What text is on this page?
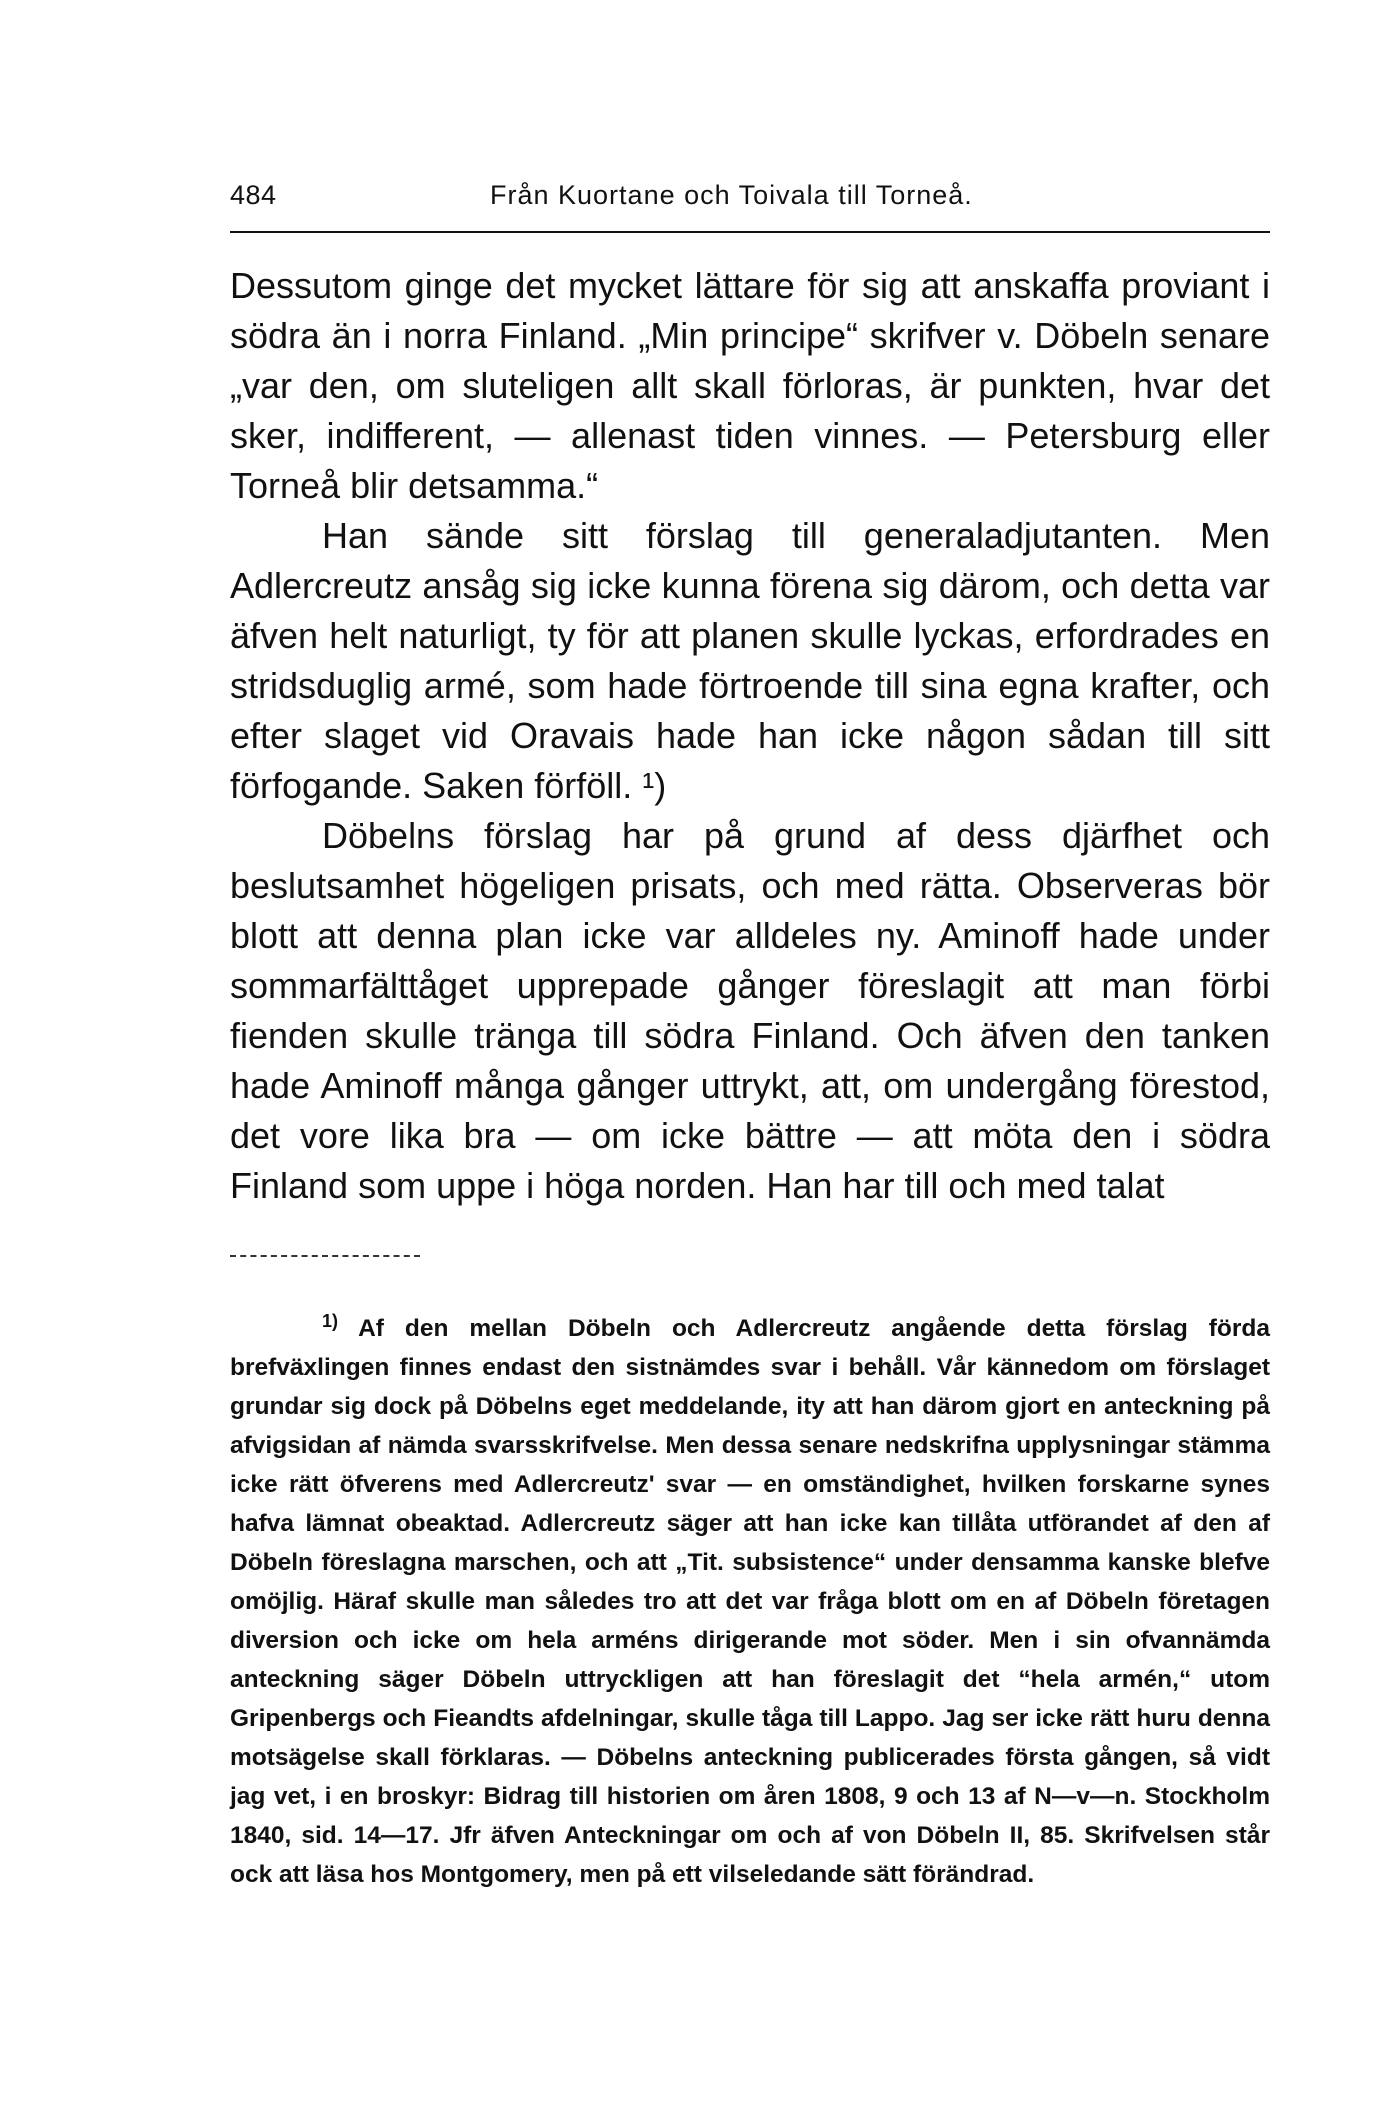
484	Från Kuortane och Toivala till Torneå.

Dessutom ginge det mycket lättare för sig att anskaffa proviant i södra än i norra Finland. „Min principe“ skrifver v. Döbeln senare „var den, om sluteligen allt skall förloras, är punkten, hvar det sker, indifferent, — allenast tiden vinnes. — Petersburg eller Torneå blir detsamma.“

Han sände sitt förslag till generaladjutanten. Men Adlercreutz ansåg sig icke kunna förena sig därom, och detta var äfven helt naturligt, ty för att planen skulle lyckas, erfordrades en stridsduglig armé, som hade förtroende till sina egna krafter, och efter slaget vid Oravais hade han icke någon sådan till sitt förfogande. Saken förföll. ¹)

Döbelns förslag har på grund af dess djärfhet och beslutsamhet högeligen prisats, och med rätta. Observeras bör blott att denna plan icke var alldeles ny. Aminoff hade under sommarfälttåget upprepade gånger föreslagit att man förbi fienden skulle tränga till södra Finland. Och äfven den tanken hade Aminoff många gånger uttrykt, att, om undergång förestod, det vore lika bra — om icke bättre — att möta den i södra Finland som uppe i höga norden. Han har till och med talat

$^{1)}$ Af den mellan Döbeln och Adlercreutz angående detta förslag förda brefväxlingen finnes endast den sistnämdes svar i behåll. Vår kännedom om förslaget grundar sig dock på Döbelns eget meddelande, ity att han därom gjort en anteckning på afvigsidan af nämda svarsskrifvelse. Men dessa senare nedskrifna upplysningar stämma icke rätt öfverens med Adlercreutz' svar — en omständighet, hvilken forskarne synes hafva lämnat obeaktad. Adlercreutz säger att han icke kan tillåta utförandet af den af Döbeln föreslagna marschen, och att „Tit. subsistence“ under densamma kanske blefve omöjlig. Häraf skulle man således tro att det var fråga blott om en af Döbeln företagen diversion och icke om hela arméns dirigerande mot söder. Men i sin ofvannämda anteckning säger Döbeln uttryckligen att han föreslagit det “hela armén,“ utom Gripenbergs och Fieandts afdelningar, skulle tåga till Lappo. Jag ser icke rätt huru denna motsägelse skall förklaras. — Döbelns anteckning publicerades första gången, så vidt jag vet, i en broskyr: Bidrag till historien om åren 1808, 9 och 13 af N—v—n. Stockholm 1840, sid. 14—17. Jfr äfven Anteckningar om och af von Döbeln II, 85. Skrifvelsen står ock att läsa hos Montgomery, men på ett vilseledande sätt förändrad.
